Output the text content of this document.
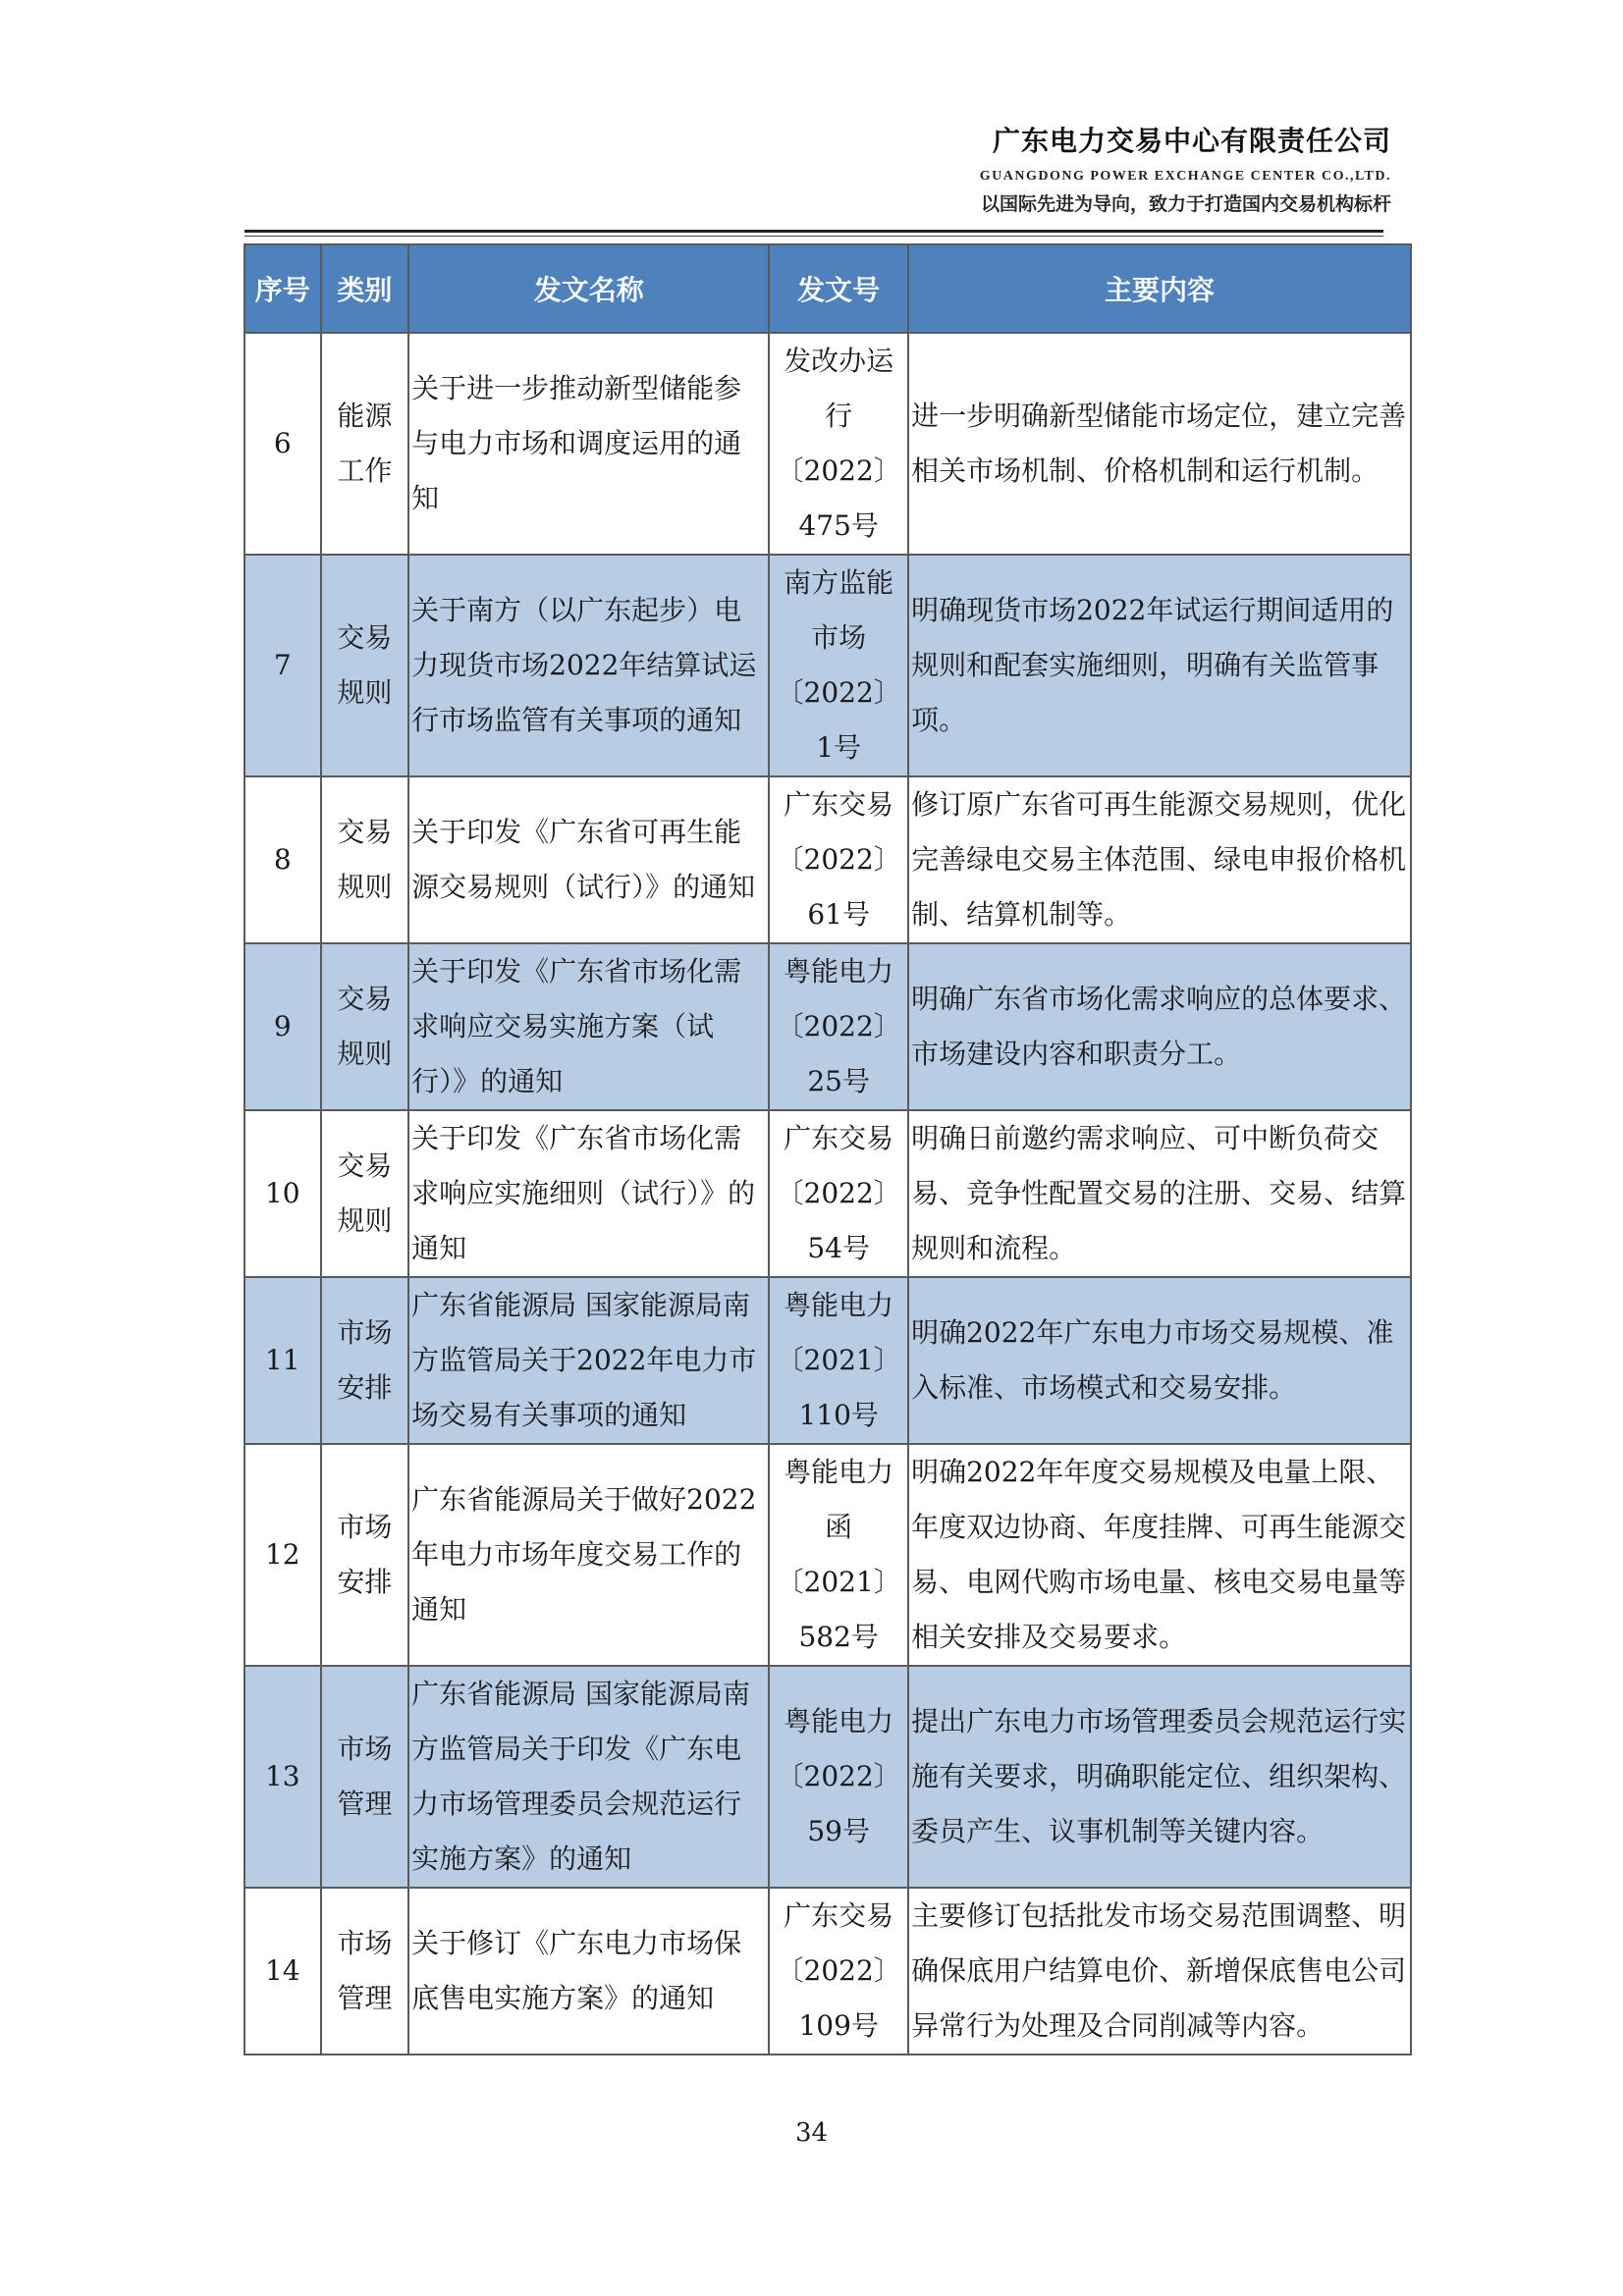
广东电力交易中心有限责任公司
GUANGDONG POWER EXCHANGE CENTER CO.,LTD.
以国际先进为导向，致力于打造国内交易机构标杆
序号	类别	发文名称	发文号	主要内容
6	能源工作	关于进一步推动新型储能参与电力市场和调度运用的通知	发改办运行〔2022〕475号	进一步明确新型储能市场定位，建立完善相关市场机制、价格机制和运行机制。
7	交易规则	关于南方（以广东起步）电力现货市场2022年结算试运行市场监管有关事项的通知	南方监能市场〔2022〕1号	明确现货市场2022年试运行期间适用的规则和配套实施细则，明确有关监管事项。
8	交易规则	关于印发《广东省可再生能源交易规则（试行）》的通知	广东交易〔2022〕61号	修订原广东省可再生能源交易规则，优化完善绿电交易主体范围、绿电申报价格机制、结算机制等。
9	交易规则	关于印发《广东省市场化需求响应交易实施方案（试行）》的通知	粤能电力〔2022〕25号	明确广东省市场化需求响应的总体要求、市场建设内容和职责分工。
10	交易规则	关于印发《广东省市场化需求响应实施细则（试行）》的通知	广东交易〔2022〕54号	明确日前邀约需求响应、可中断负荷交易、竞争性配置交易的注册、交易、结算规则和流程。
11	市场安排	广东省能源局 国家能源局南方监管局关于2022年电力市场交易有关事项的通知	粤能电力〔2021〕110号	明确2022年广东电力市场交易规模、准入标准、市场模式和交易安排。
12	市场安排	广东省能源局关于做好2022年电力市场年度交易工作的通知	粤能电力函〔2021〕582号	明确2022年年度交易规模及电量上限、年度双边协商、年度挂牌、可再生能源交易、电网代购市场电量、核电交易电量等相关安排及交易要求。
13	市场管理	广东省能源局 国家能源局南方监管局关于印发《广东电力市场管理委员会规范运行实施方案》的通知	粤能电力〔2022〕59号	提出广东电力市场管理委员会规范运行实施有关要求，明确职能定位、组织架构、委员产生、议事机制等关键内容。
14	市场管理	关于修订《广东电力市场保底售电实施方案》的通知	广东交易〔2022〕109号	主要修订包括批发市场交易范围调整、明确保底用户结算电价、新增保底售电公司异常行为处理及合同削减等内容。
34
